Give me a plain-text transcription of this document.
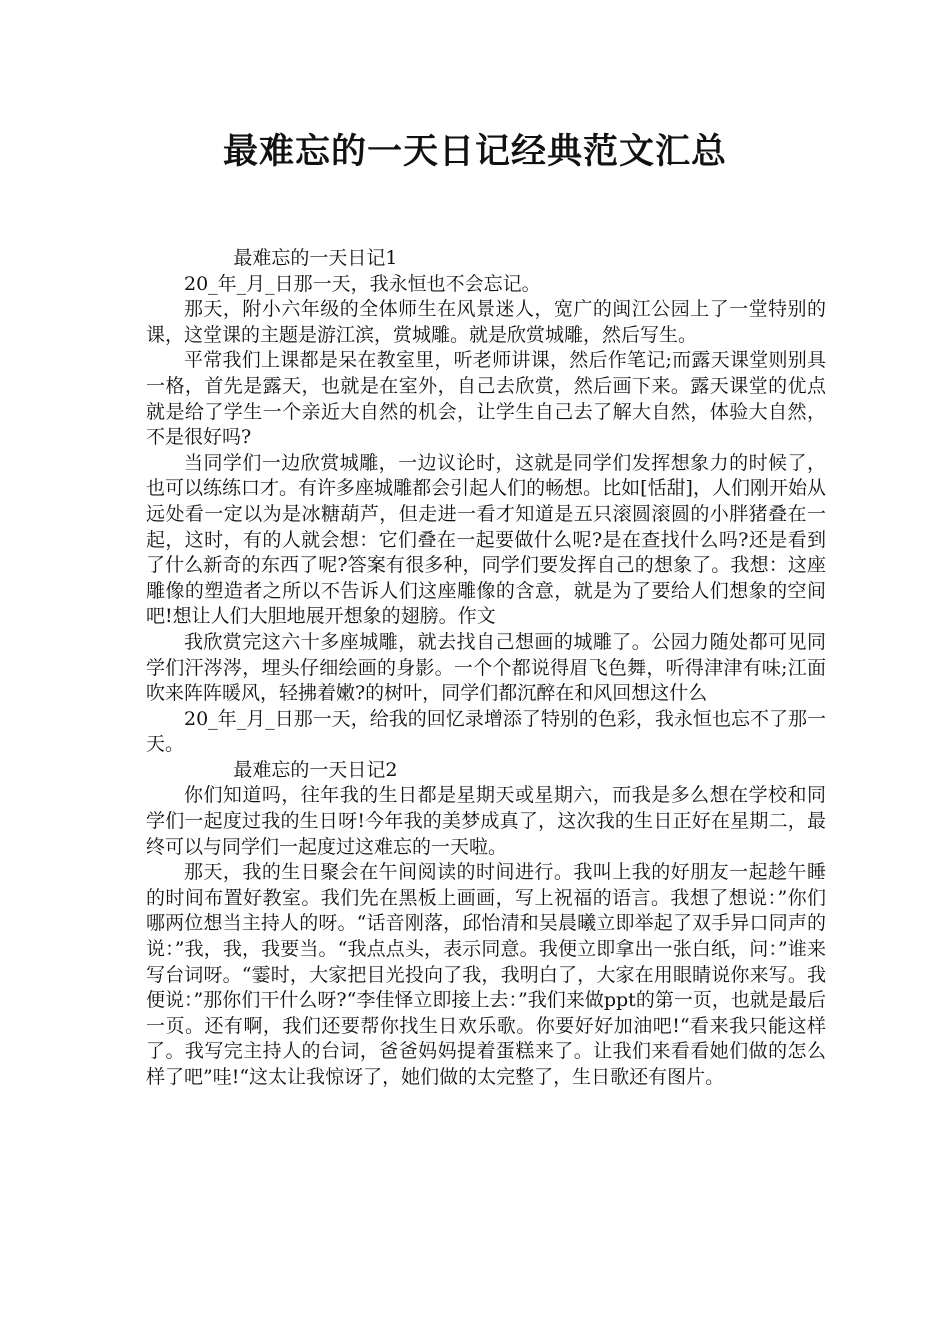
最难忘的一天日记经典范文汇总

最难忘的一天日记1

20_年_月_日那一天，我永恒也不会忘记。

那天，附小六年级的全体师生在风景迷人，宽广的闽江公园上了一堂特别的课，这堂课的主题是游江滨，赏城雕。就是欣赏城雕，然后写生。

平常我们上课都是呆在教室里，听老师讲课，然后作笔记;而露天课堂则别具一格，首先是露天，也就是在室外，自己去欣赏，然后画下来。露天课堂的优点就是给了学生一个亲近大自然的机会，让学生自己去了解大自然，体验大自然，不是很好吗?

当同学们一边欣赏城雕，一边议论时，这就是同学们发挥想象力的时候了，也可以练练口才。有许多座城雕都会引起人们的畅想。比如[恬甜]，人们刚开始从远处看一定以为是冰糖葫芦，但走进一看才知道是五只滚圆滚圆的小胖猪叠在一起，这时，有的人就会想：它们叠在一起要做什么呢?是在查找什么吗?还是看到了什么新奇的东西了呢?答案有很多种，同学们要发挥自己的想象了。我想：这座雕像的塑造者之所以不告诉人们这座雕像的含意，就是为了要给人们想象的空间吧!想让人们大胆地展开想象的翅膀。作文

我欣赏完这六十多座城雕，就去找自己想画的城雕了。公园力随处都可见同学们汗涔涔，埋头仔细绘画的身影。一个个都说得眉飞色舞，听得津津有味;江面吹来阵阵暖风，轻拂着嫩?的树叶，同学们都沉醉在和风回想这什么

20_年_月_日那一天，给我的回忆录增添了特别的色彩，我永恒也忘不了那一天。

最难忘的一天日记2

你们知道吗，往年我的生日都是星期天或星期六，而我是多么想在学校和同学们一起度过我的生日呀!今年我的美梦成真了，这次我的生日正好在星期二，最终可以与同学们一起度过这难忘的一天啦。

那天，我的生日聚会在午间阅读的时间进行。我叫上我的好朋友一起趁午睡的时间布置好教室。我们先在黑板上画画，写上祝福的语言。我想了想说：”你们哪两位想当主持人的呀。“话音刚落，邱怡清和吴晨曦立即举起了双手异口同声的说：”我，我，我要当。“我点点头，表示同意。我便立即拿出一张白纸，问：”谁来写台词呀。“霎时，大家把目光投向了我，我明白了，大家在用眼睛说你来写。我便说：”那你们干什么呀?“李佳怿立即接上去：”我们来做ppt的第一页，也就是最后一页。还有啊，我们还要帮你找生日欢乐歌。你要好好加油吧!“看来我只能这样了。我写完主持人的台词，爸爸妈妈提着蛋糕来了。让我们来看看她们做的怎么样了吧”哇!“这太让我惊讶了，她们做的太完整了，生日歌还有图片。
